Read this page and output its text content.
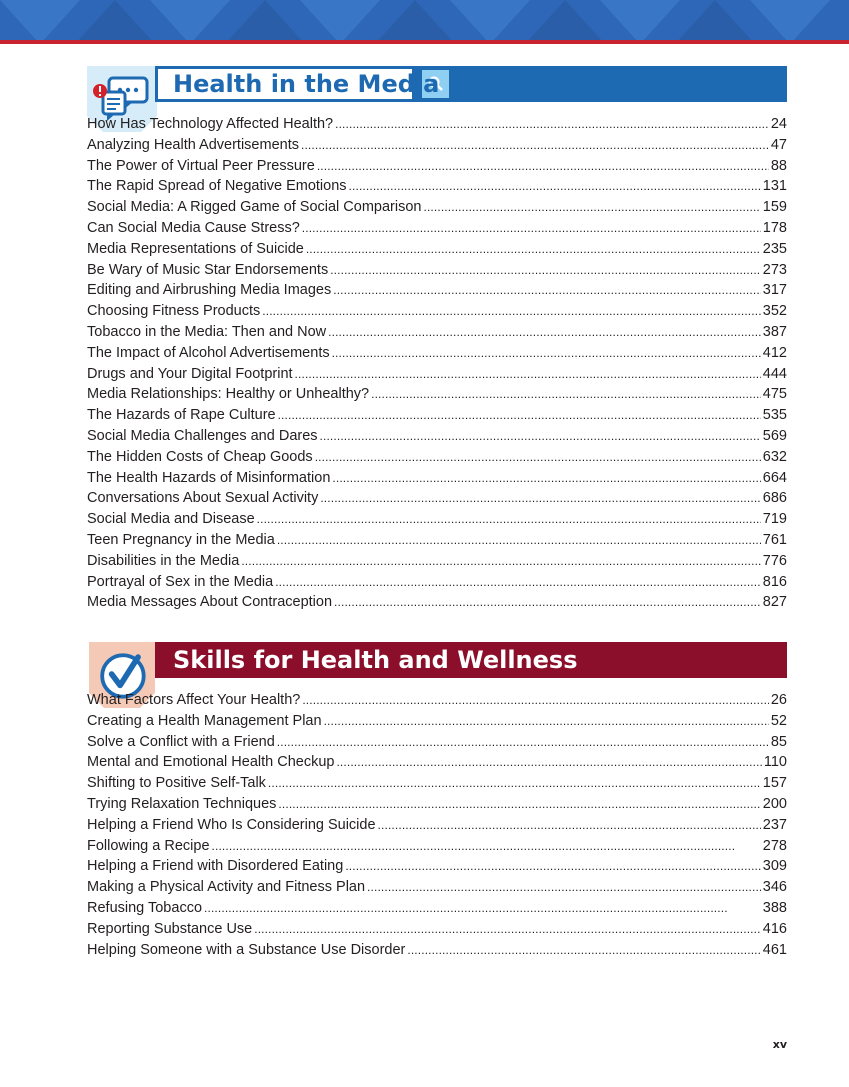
Health in the Media
How Has Technology Affected Health? . . .	24
Analyzing Health Advertisements . . .	47
The Power of Virtual Peer Pressure . . .	88
The Rapid Spread of Negative Emotions . . .	131
Social Media: A Rigged Game of Social Comparison . . .	159
Can Social Media Cause Stress? . . .	178
Media Representations of Suicide . . .	235
Be Wary of Music Star Endorsements . . .	273
Editing and Airbrushing Media Images . . .	317
Choosing Fitness Products . . .	352
Tobacco in the Media: Then and Now . . .	387
The Impact of Alcohol Advertisements . . .	412
Drugs and Your Digital Footprint . . .	444
Media Relationships: Healthy or Unhealthy? . . .	475
The Hazards of Rape Culture . . .	535
Social Media Challenges and Dares . . .	569
The Hidden Costs of Cheap Goods . . .	632
The Health Hazards of Misinformation . . .	664
Conversations About Sexual Activity . . .	686
Social Media and Disease . . .	719
Teen Pregnancy in the Media . . .	761
Disabilities in the Media . . .	776
Portrayal of Sex in the Media . . .	816
Media Messages About Contraception . . .	827
Skills for Health and Wellness
What Factors Affect Your Health? . . .	26
Creating a Health Management Plan . . .	52
Solve a Conflict with a Friend . . .	85
Mental and Emotional Health Checkup . . .	110
Shifting to Positive Self-Talk . . .	157
Trying Relaxation Techniques . . .	200
Helping a Friend Who Is Considering Suicide . . .	237
Following a Recipe . . .	278
Helping a Friend with Disordered Eating . . .	309
Making a Physical Activity and Fitness Plan . . .	346
Refusing Tobacco . . .	388
Reporting Substance Use . . .	416
Helping Someone with a Substance Use Disorder . . .	461
xv
